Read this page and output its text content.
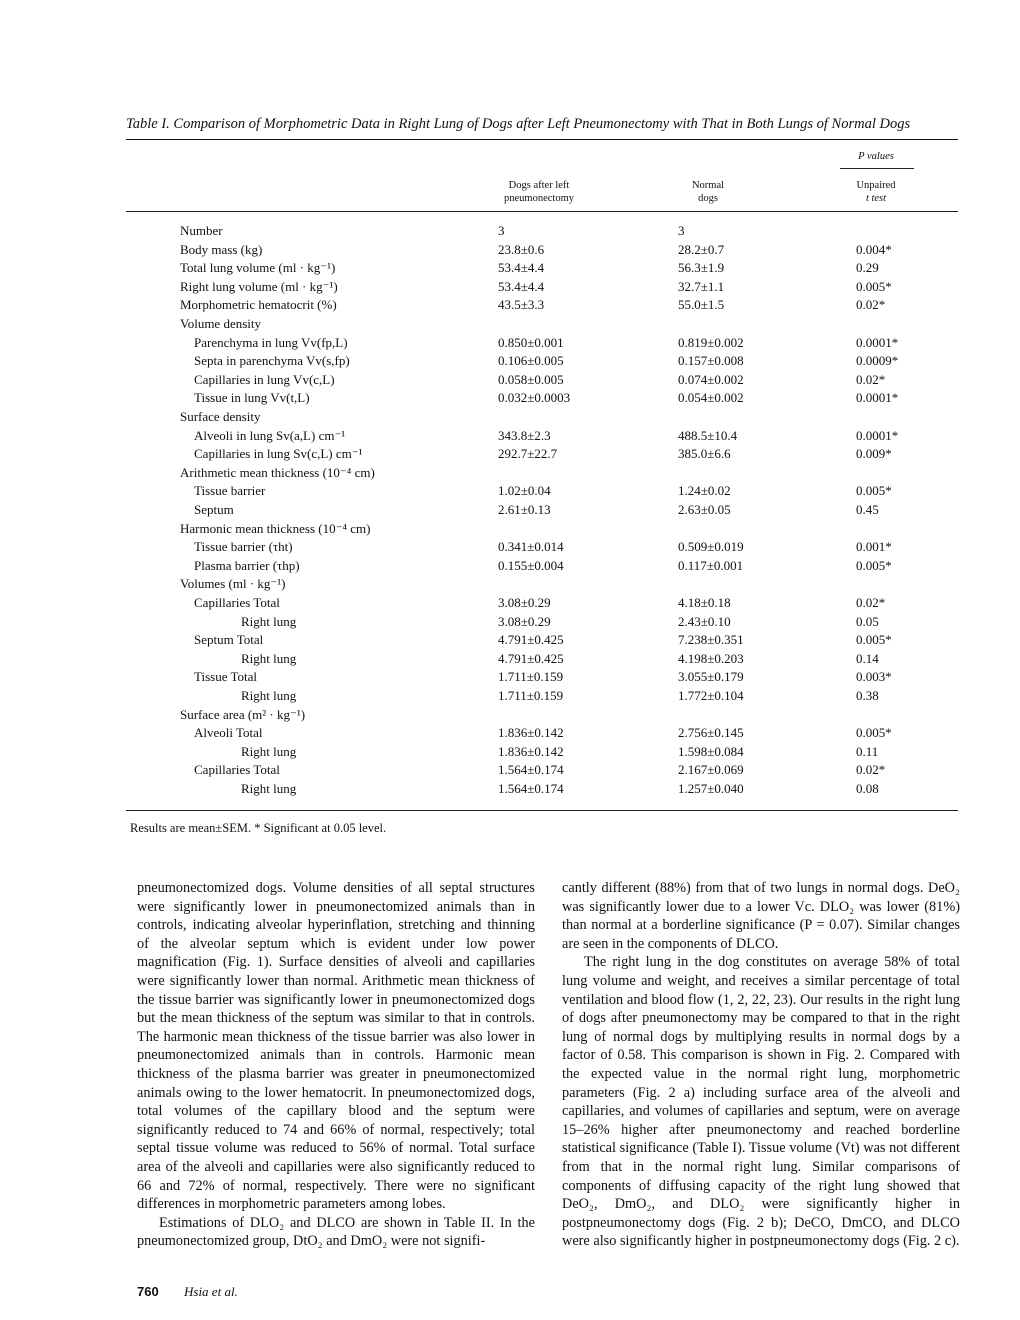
Table I. Comparison of Morphometric Data in Right Lung of Dogs after Left Pneumonectomy with That in Both Lungs of Normal Dogs
P values
Dogs after left
pneumonectomy
Normal
dogs
Unpaired
t test
Number	3	3
Body mass (kg)	23.8±0.6	28.2±0.7	0.004*
Total lung volume (ml · kg⁻¹)	53.4±4.4	56.3±1.9	0.29
Right lung volume (ml · kg⁻¹)	53.4±4.4	32.7±1.1	0.005*
Morphometric hematocrit (%)	43.5±3.3	55.0±1.5	0.02*
Volume density
Parenchyma in lung Vv(fp,L)	0.850±0.001	0.819±0.002	0.0001*
Septa in parenchyma Vv(s,fp)	0.106±0.005	0.157±0.008	0.0009*
Capillaries in lung Vv(c,L)	0.058±0.005	0.074±0.002	0.02*
Tissue in lung Vv(t,L)	0.032±0.0003	0.054±0.002	0.0001*
Surface density
Alveoli in lung Sv(a,L) cm⁻¹	343.8±2.3	488.5±10.4	0.0001*
Capillaries in lung Sv(c,L) cm⁻¹	292.7±22.7	385.0±6.6	0.009*
Arithmetic mean thickness (10⁻⁴ cm)
Tissue barrier	1.02±0.04	1.24±0.02	0.005*
Septum	2.61±0.13	2.63±0.05	0.45
Harmonic mean thickness (10⁻⁴ cm)
Tissue barrier (τht)	0.341±0.014	0.509±0.019	0.001*
Plasma barrier (τhp)	0.155±0.004	0.117±0.001	0.005*
Volumes (ml · kg⁻¹)
Capillaries Total	3.08±0.29	4.18±0.18	0.02*
Right lung	3.08±0.29	2.43±0.10	0.05
Septum Total	4.791±0.425	7.238±0.351	0.005*
Right lung	4.791±0.425	4.198±0.203	0.14
Tissue Total	1.711±0.159	3.055±0.179	0.003*
Right lung	1.711±0.159	1.772±0.104	0.38
Surface area (m² · kg⁻¹)
Alveoli Total	1.836±0.142	2.756±0.145	0.005*
Right lung	1.836±0.142	1.598±0.084	0.11
Capillaries Total	1.564±0.174	2.167±0.069	0.02*
Right lung	1.564±0.174	1.257±0.040	0.08
Results are mean±SEM. * Significant at 0.05 level.

pneumonectomized dogs. Volume densities of all septal structures were significantly lower in pneumonectomized animals than in controls, indicating alveolar hyperinflation, stretching and thinning of the alveolar septum which is evident under low power magnification (Fig. 1). Surface densities of alveoli and capillaries were significantly lower than normal. Arithmetic mean thickness of the tissue barrier was significantly lower in pneumonectomized dogs but the mean thickness of the septum was similar to that in controls. The harmonic mean thickness of the tissue barrier was also lower in pneumonectomized animals than in controls. Harmonic mean thickness of the plasma barrier was greater in pneumonectomized animals owing to the lower hematocrit. In pneumonectomized dogs, total volumes of the capillary blood and the septum were significantly reduced to 74 and 66% of normal, respectively; total septal tissue volume was reduced to 56% of normal. Total surface area of the alveoli and capillaries were also significantly reduced to 66 and 72% of normal, respectively. There were no significant differences in morphometric parameters among lobes.

Estimations of DLO₂ and DLCO are shown in Table II. In the pneumonectomized group, DtO₂ and DmO₂ were not signifi-

cantly different (88%) from that of two lungs in normal dogs. DeO₂ was significantly lower due to a lower Vc. DLO₂ was lower (81%) than normal at a borderline significance (P = 0.07). Similar changes are seen in the components of DLCO.

The right lung in the dog constitutes on average 58% of total lung volume and weight, and receives a similar percentage of total ventilation and blood flow (1, 2, 22, 23). Our results in the right lung of dogs after pneumonectomy may be compared to that in the right lung of normal dogs by multiplying results in normal dogs by a factor of 0.58. This comparison is shown in Fig. 2. Compared with the expected value in the normal right lung, morphometric parameters (Fig. 2 a) including surface area of the alveoli and capillaries, and volumes of capillaries and septum, were on average 15–26% higher after pneumonectomy and reached borderline statistical significance (Table I). Tissue volume (Vt) was not different from that in the normal right lung. Similar comparisons of components of diffusing capacity of the right lung showed that DeO₂, DmO₂, and DLO₂ were significantly higher in postpneumonectomy dogs (Fig. 2 b); DeCO, DmCO, and DLCO were also significantly higher in postpneumonectomy dogs (Fig. 2 c).

760 Hsia et al.
